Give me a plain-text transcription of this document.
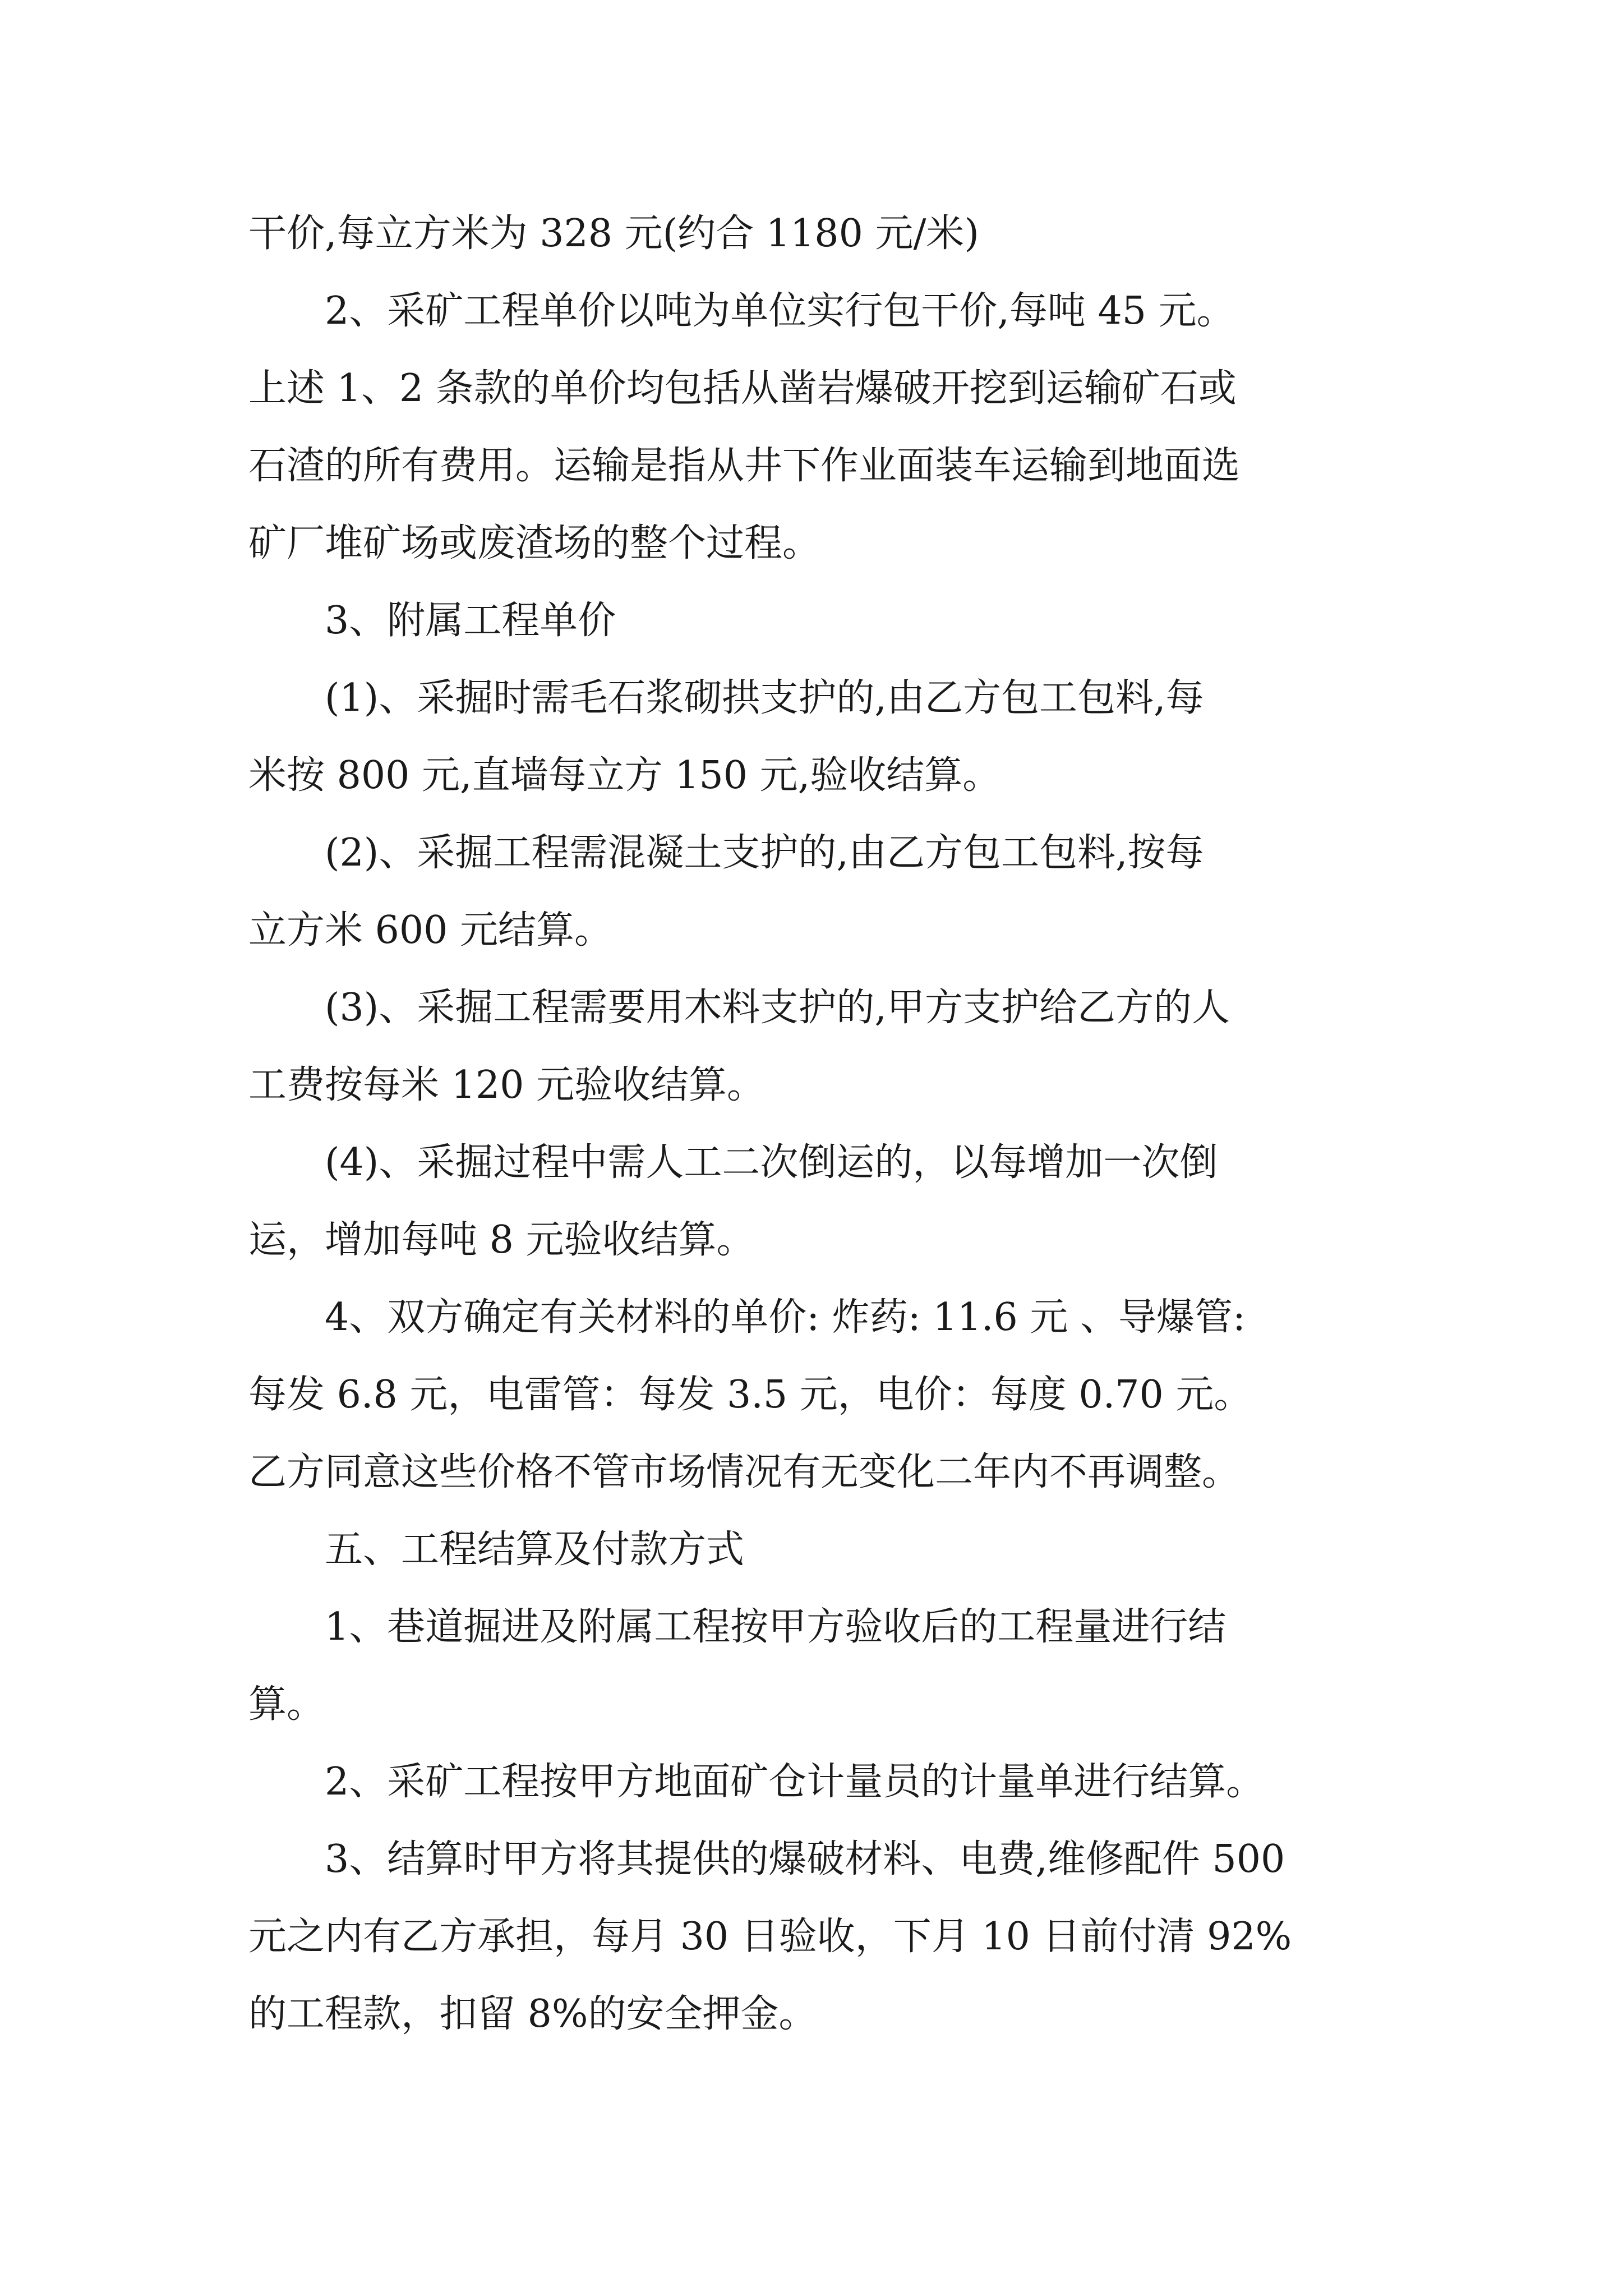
干价,每立方米为 328 元(约合 1180 元/米)
2、采矿工程单价以吨为单位实行包干价,每吨 45 元。
上述 1、2 条款的单价均包括从凿岩爆破开挖到运输矿石或
石渣的所有费用。运输是指从井下作业面装车运输到地面选
矿厂堆矿场或废渣场的整个过程。
3、附属工程单价
(1)、采掘时需毛石浆砌拱支护的,由乙方包工包料,每
米按 800 元,直墙每立方 150 元,验收结算。
(2)、采掘工程需混凝土支护的,由乙方包工包料,按每
立方米 600 元结算。
(3)、采掘工程需要用木料支护的,甲方支护给乙方的人
工费按每米 120 元验收结算。
(4)、采掘过程中需人工二次倒运的，以每增加一次倒
运，增加每吨 8 元验收结算。
4、双方确定有关材料的单价: 炸药: 11.6 元 、导爆管:
每发 6.8 元，电雷管：每发 3.5 元，电价：每度 0.70 元。
乙方同意这些价格不管市场情况有无变化二年内不再调整。
五、工程结算及付款方式
1、巷道掘进及附属工程按甲方验收后的工程量进行结
算。
2、采矿工程按甲方地面矿仓计量员的计量单进行结算。
3、结算时甲方将其提供的爆破材料、电费,维修配件 500
元之内有乙方承担，每月 30 日验收，下月 10 日前付清 92%
的工程款，扣留 8%的安全押金。
